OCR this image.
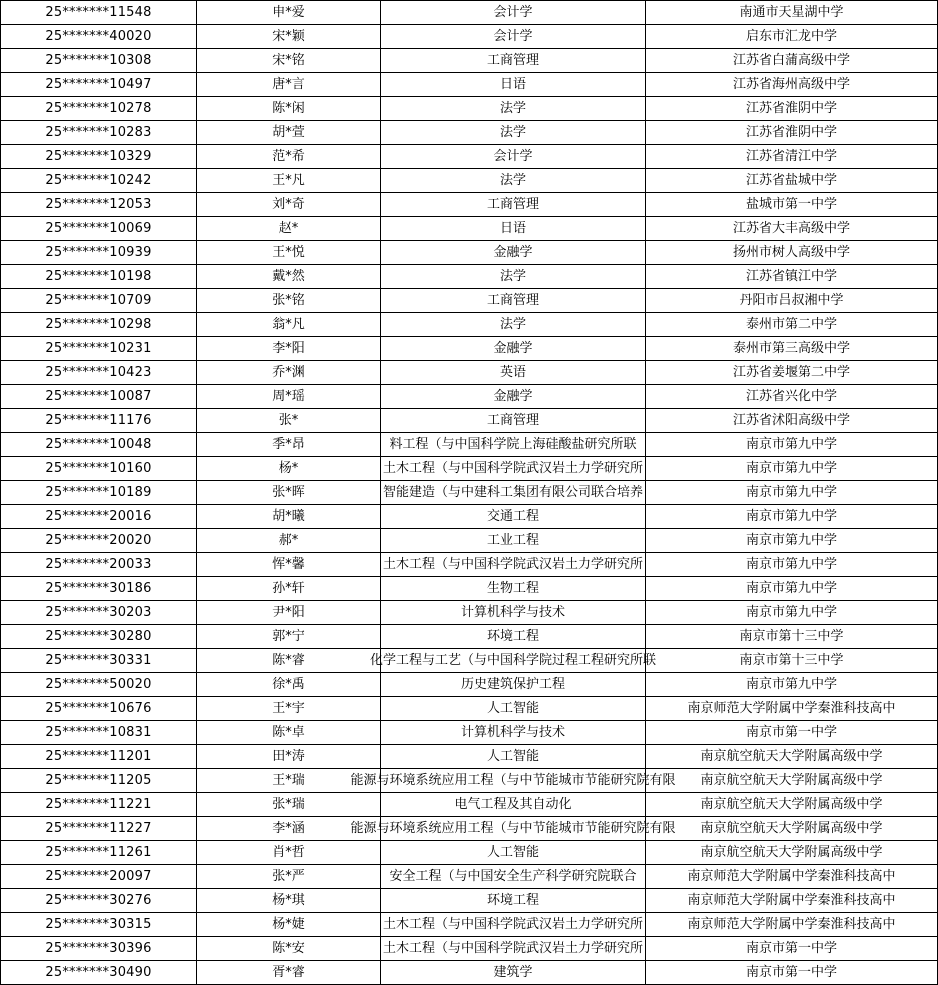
25*******11548	申*爱	会计学	南通市天星湖中学

25*******40020	宋*颖	会计学	启东市汇龙中学

25*******10308	宋*铭	工商管理	江苏省白蒲高级中学

25*******10497	唐*言	日语	江苏省海州高级中学

25*******10278	陈*闲	法学	江苏省淮阴中学

25*******10283	胡*萱	法学	江苏省淮阴中学

25*******10329	范*希	会计学	江苏省清江中学

25*******10242	王*凡	法学	江苏省盐城中学

25*******12053	刘*奇	工商管理	盐城市第一中学

25*******10069	赵*	日语	江苏省大丰高级中学

25*******10939	王*悦	金融学	扬州市树人高级中学

25*******10198	戴*然	法学	江苏省镇江中学

25*******10709	张*铭	工商管理	丹阳市吕叔湘中学

25*******10298	翁*凡	法学	泰州市第二中学

25*******10231	李*阳	金融学	泰州市第三高级中学

25*******10423	乔*渊	英语	江苏省姜堰第二中学

25*******10087	周*瑶	金融学	江苏省兴化中学

25*******11176	张*	工商管理	江苏省沭阳高级中学

25*******10048	季*昂	料工程（与中国科学院上海硅酸盐研究所联	南京市第九中学

25*******10160	杨*	土木工程（与中国科学院武汉岩土力学研究所	南京市第九中学

25*******10189	张*晖	智能建造（与中建科工集团有限公司联合培养	南京市第九中学

25*******20016	胡*曦	交通工程	南京市第九中学

25*******20020	郝*	工业工程	南京市第九中学

25*******20033	恽*馨	土木工程（与中国科学院武汉岩土力学研究所	南京市第九中学

25*******30186	孙*轩	生物工程	南京市第九中学

25*******30203	尹*阳	计算机科学与技术	南京市第九中学

25*******30280	郭*宁	环境工程	南京市第十三中学

25*******30331	陈*睿	化学工程与工艺（与中国科学院过程工程研究所联	南京市第十三中学

25*******50020	徐*禹	历史建筑保护工程	南京市第九中学

25*******10676	王*宇	人工智能	南京师范大学附属中学秦淮科技高中

25*******10831	陈*卓	计算机科学与技术	南京市第一中学

25*******11201	田*涛	人工智能	南京航空航天大学附属高级中学

25*******11205	王*瑞	能源与环境系统应用工程（与中节能城市节能研究院有限	南京航空航天大学附属高级中学

25*******11221	张*瑞	电气工程及其自动化	南京航空航天大学附属高级中学

25*******11227	李*涵	能源与环境系统应用工程（与中节能城市节能研究院有限	南京航空航天大学附属高级中学

25*******11261	肖*哲	人工智能	南京航空航天大学附属高级中学

25*******20097	张*严	安全工程（与中国安全生产科学研究院联合	南京师范大学附属中学秦淮科技高中

25*******30276	杨*琪	环境工程	南京师范大学附属中学秦淮科技高中

25*******30315	杨*婕	土木工程（与中国科学院武汉岩土力学研究所	南京师范大学附属中学秦淮科技高中

25*******30396	陈*安	土木工程（与中国科学院武汉岩土力学研究所	南京市第一中学

25*******30490	胥*睿	建筑学	南京市第一中学
